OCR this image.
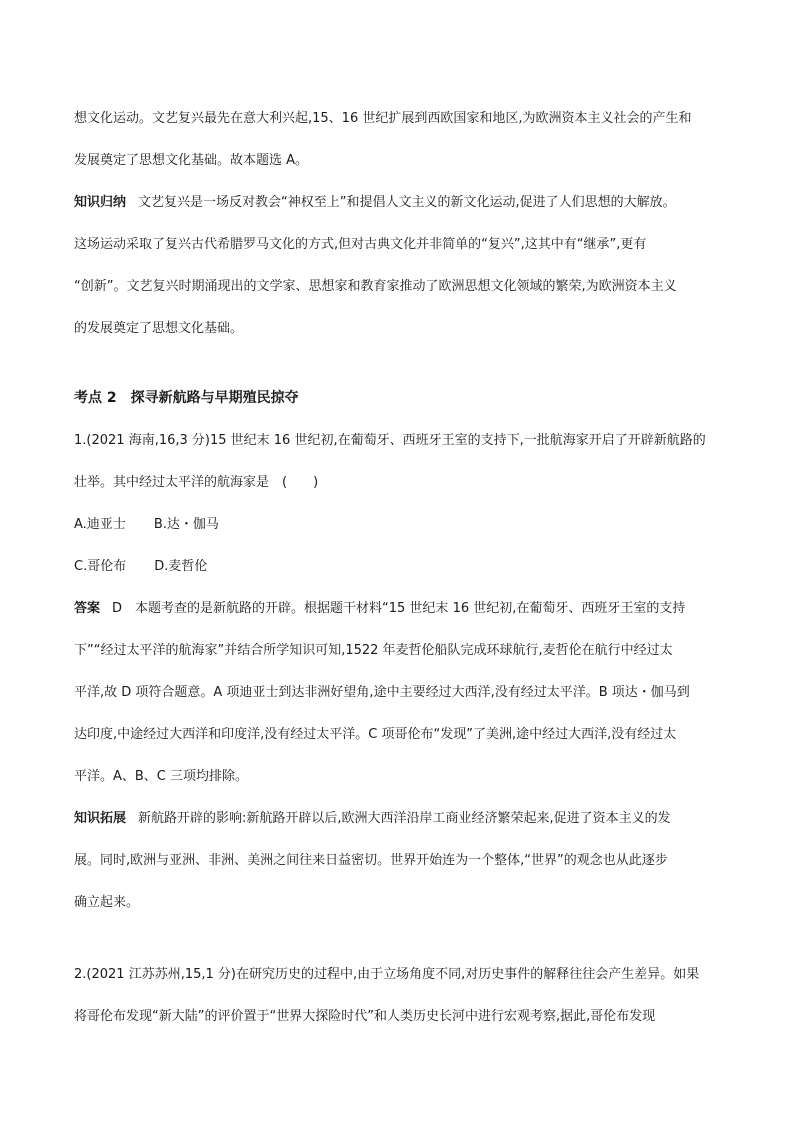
想文化运动。文艺复兴最先在意大利兴起,15、16 世纪扩展到西欧国家和地区,为欧洲资本主义社会的产生和
发展奠定了思想文化基础。故本题选 A。
知识归纳 文艺复兴是一场反对教会“神权至上”和提倡人文主义的新文化运动,促进了人们思想的大解放。
这场运动采取了复兴古代希腊罗马文化的方式,但对古典文化并非简单的“复兴”,这其中有“继承”,更有
“创新”。文艺复兴时期涌现出的文学家、思想家和教育家推动了欧洲思想文化领域的繁荣,为欧洲资本主义
的发展奠定了思想文化基础。
考点 2　探寻新航路与早期殖民掠夺
1.(2021 海南,16,3 分)15 世纪末 16 世纪初,在葡萄牙、西班牙王室的支持下,一批航海家开启了开辟新航路的
壮举。其中经过太平洋的航海家是　(　　)
A.迪亚士 B.达・伽马
C.哥伦布 D.麦哲伦
答案 D　本题考查的是新航路的开辟。根据题干材料“15 世纪末 16 世纪初,在葡萄牙、西班牙王室的支持
下”“经过太平洋的航海家”并结合所学知识可知,1522 年麦哲伦船队完成环球航行,麦哲伦在航行中经过太
平洋,故 D 项符合题意。A 项迪亚士到达非洲好望角,途中主要经过大西洋,没有经过太平洋。B 项达・伽马到
达印度,中途经过大西洋和印度洋,没有经过太平洋。C 项哥伦布“发现”了美洲,途中经过大西洋,没有经过太
平洋。A、B、C 三项均排除。
知识拓展 新航路开辟的影响:新航路开辟以后,欧洲大西洋沿岸工商业经济繁荣起来,促进了资本主义的发
展。同时,欧洲与亚洲、非洲、美洲之间往来日益密切。世界开始连为一个整体,“世界”的观念也从此逐步
确立起来。
2.(2021 江苏苏州,15,1 分)在研究历史的过程中,由于立场角度不同,对历史事件的解释往往会产生差异。如果
将哥伦布发现“新大陆”的评价置于“世界大探险时代”和人类历史长河中进行宏观考察,据此,哥伦布发现
